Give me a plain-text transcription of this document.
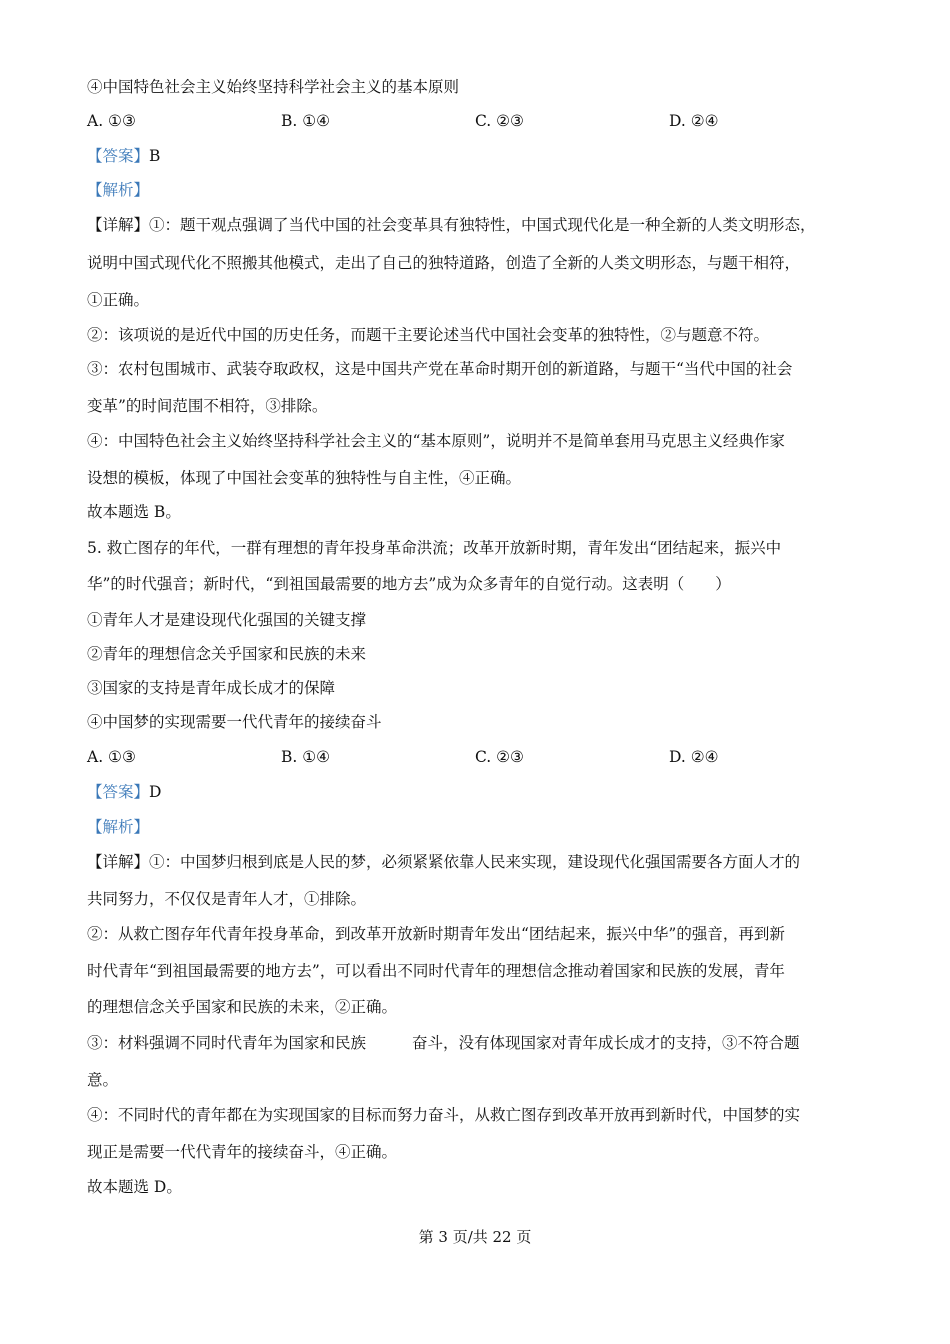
④中国特色社会主义始终坚持科学社会主义的基本原则
A. ①③	B. ①④	C. ②③	D. ②④
【答案】B
【解析】
【详解】①：题干观点强调了当代中国的社会变革具有独特性，中国式现代化是一种全新的人类文明形态，
说明中国式现代化不照搬其他模式，走出了自己的独特道路，创造了全新的人类文明形态，与题干相符，
①正确。
②：该项说的是近代中国的历史任务，而题干主要论述当代中国社会变革的独特性，②与题意不符。
③：农村包围城市、武装夺取政权，这是中国共产党在革命时期开创的新道路，与题干“当代中国的社会
变革”的时间范围不相符，③排除。
④：中国特色社会主义始终坚持科学社会主义的“基本原则”，说明并不是简单套用马克思主义经典作家
设想的模板，体现了中国社会变革的独特性与自主性，④正确。
故本题选 B。
5. 救亡图存的年代，一群有理想的青年投身革命洪流；改革开放新时期，青年发出“团结起来，振兴中
华”的时代强音；新时代，“到祖国最需要的地方去”成为众多青年的自觉行动。这表明（　　）
①青年人才是建设现代化强国的关键支撑
②青年的理想信念关乎国家和民族的未来
③国家的支持是青年成长成才的保障
④中国梦的实现需要一代代青年的接续奋斗
A. ①③	B. ①④	C. ②③	D. ②④
【答案】D
【解析】
【详解】①：中国梦归根到底是人民的梦，必须紧紧依靠人民来实现，建设现代化强国需要各方面人才的
共同努力，不仅仅是青年人才，①排除。
②：从救亡图存年代青年投身革命，到改革开放新时期青年发出“团结起来，振兴中华”的强音，再到新
时代青年“到祖国最需要的地方去”，可以看出不同时代青年的理想信念推动着国家和民族的发展，青年
的理想信念关乎国家和民族的未来，②正确。
③：材料强调不同时代青年为国家和民族	奋斗，没有体现国家对青年成长成才的支持，③不符合题
意。
④：不同时代的青年都在为实现国家的目标而努力奋斗，从救亡图存到改革开放再到新时代，中国梦的实
现正是需要一代代青年的接续奋斗，④正确。
故本题选 D。
第 3 页/共 22 页
